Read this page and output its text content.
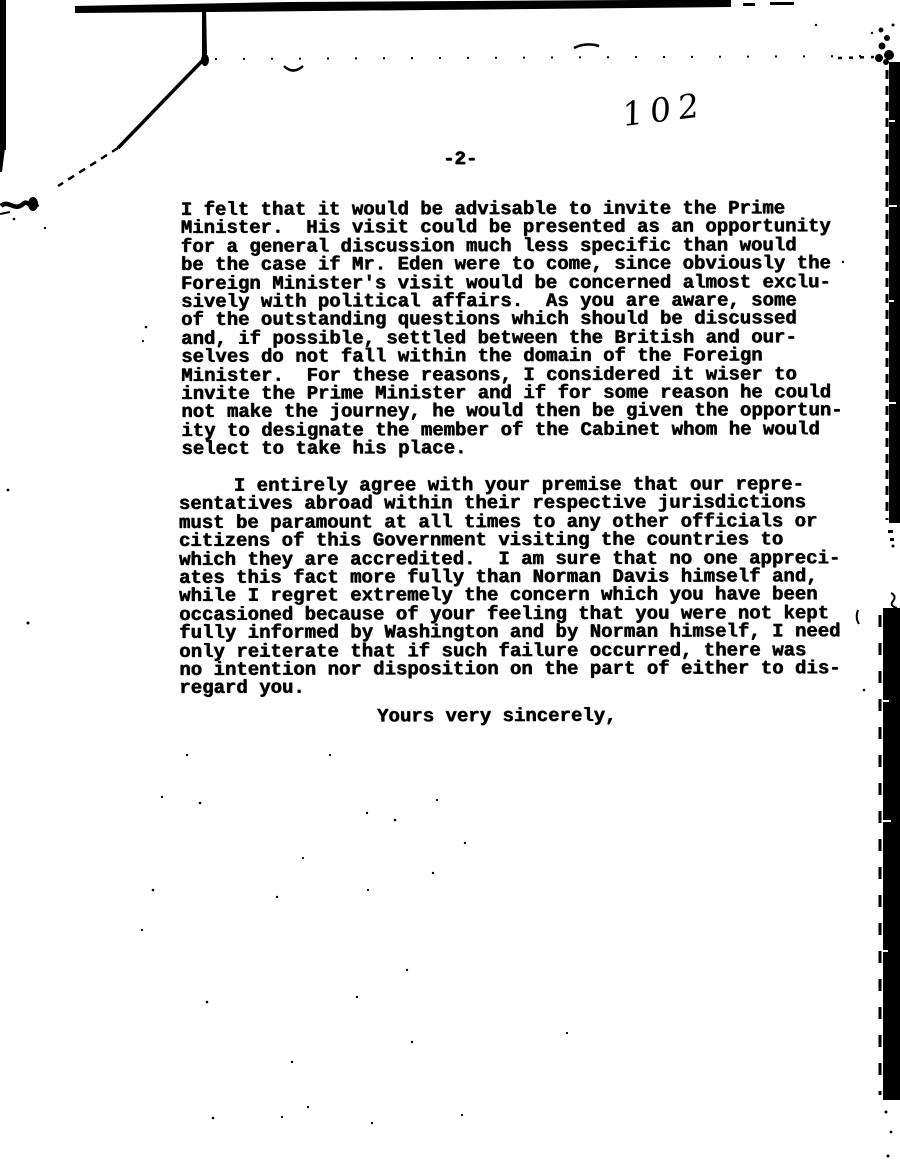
102
-2-
I felt that it would be advisable to invite the Prime
Minister.  His visit could be presented as an opportunity
for a general discussion much less specific than would
be the case if Mr. Eden were to come, since obviously the
Foreign Minister's visit would be concerned almost exclu-
sively with political affairs.  As you are aware, some
of the outstanding questions which should be discussed
and, if possible, settled between the British and our-
selves do not fall within the domain of the Foreign
Minister.  For these reasons, I considered it wiser to
invite the Prime Minister and if for some reason he could
not make the journey, he would then be given the opportun-
ity to designate the member of the Cabinet whom he would
select to take his place.
I entirely agree with your premise that our repre-
sentatives abroad within their respective jurisdictions
must be paramount at all times to any other officials or
citizens of this Government visiting the countries to
which they are accredited.  I am sure that no one appreci-
ates this fact more fully than Norman Davis himself and,
while I regret extremely the concern which you have been
occasioned because of your feeling that you were not kept
fully informed by Washington and by Norman himself, I need
only reiterate that if such failure occurred, there was
no intention nor disposition on the part of either to dis-
regard you.
Yours very sincerely,
